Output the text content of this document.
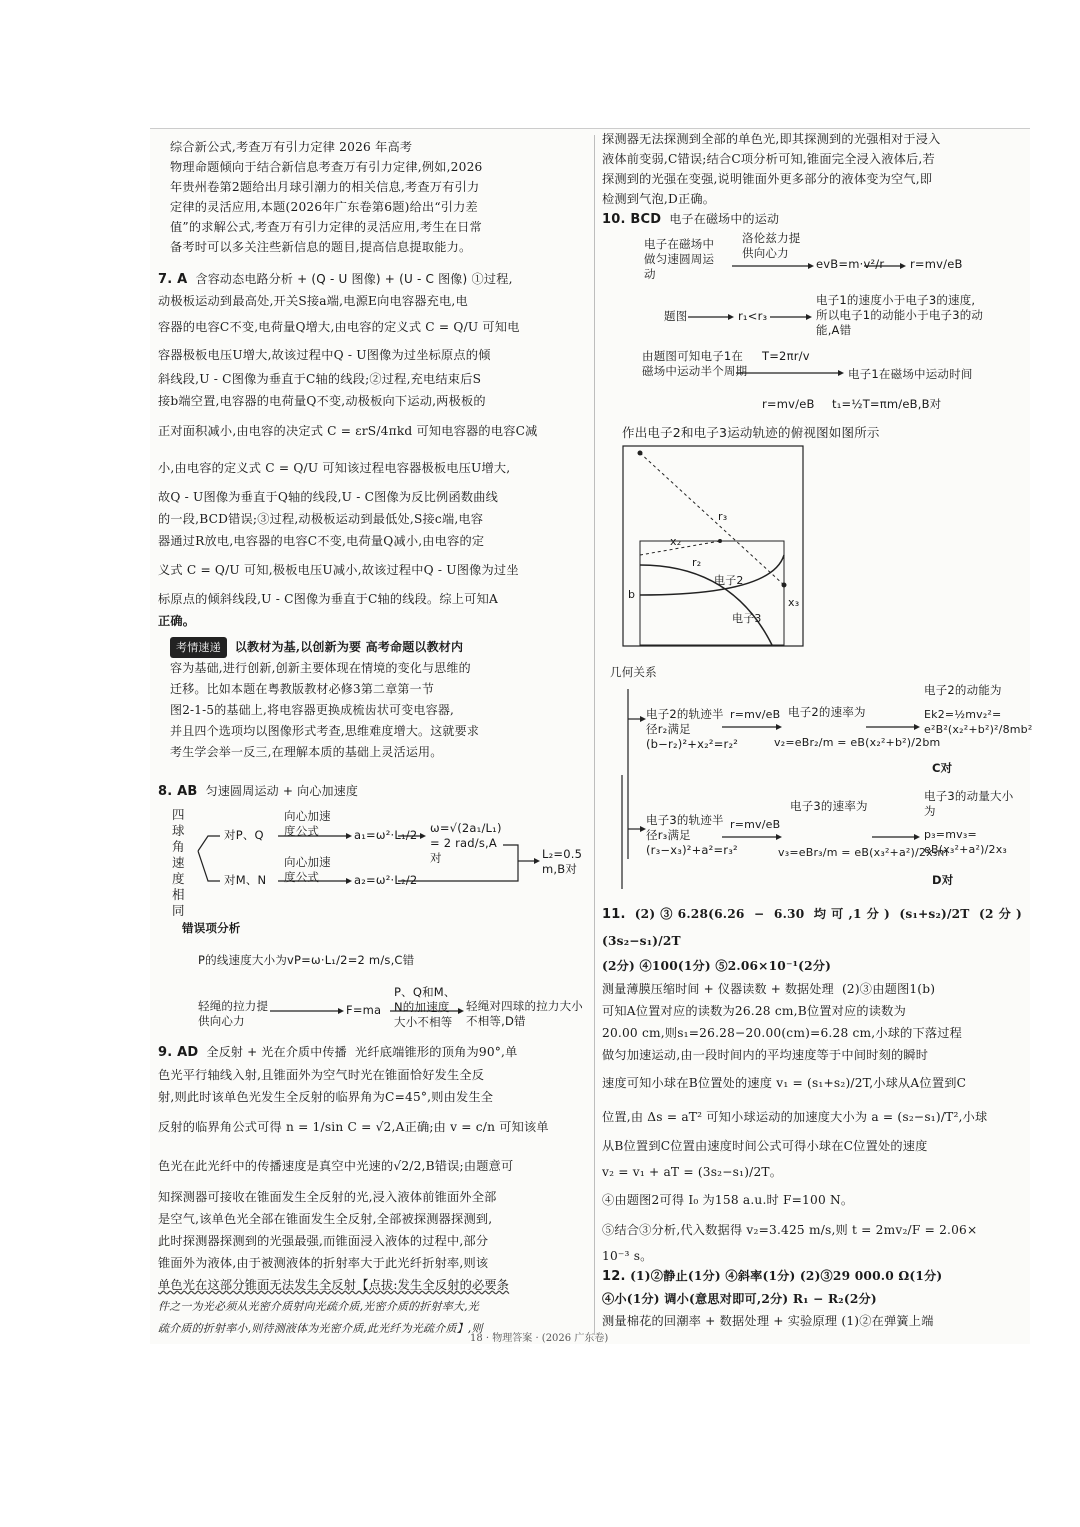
综合新公式,考查万有引力定律 2026 年高考

物理命题倾向于结合新信息考查万有引力定律,例如,2026

年贵州卷第2题给出月球引潮力的相关信息,考查万有引力

定律的灵活应用,本题(2026年广东卷第6题)给出“引力差

值”的求解公式,考查万有引力定律的灵活应用,考生在日常

备考时可以多关注些新信息的题目,提高信息提取能力。

7. A 含容动态电路分析 + (Q - U 图像) + (U - C 图像) ①过程,

动极板运动到最高处,开关S接a端,电源E向电容器充电,电

容器的电容C不变,电荷量Q增大,由电容的定义式 C = Q/U 可知电

容器极板电压U增大,故该过程中Q - U图像为过坐标原点的倾

斜线段,U - C图像为垂直于C轴的线段;②过程,充电结束后S

接b端空置,电容器的电荷量Q不变,动极板向下运动,两极板的

正对面积减小,由电容的决定式 C = εrS/4πkd 可知电容器的电容C减

小,由电容的定义式 C = Q/U 可知该过程电容器极板电压U增大,

故Q - U图像为垂直于Q轴的线段,U - C图像为反比例函数曲线

的一段,BCD错误;③过程,动极板运动到最低处,S接c端,电容

器通过R放电,电容器的电容C不变,电荷量Q减小,由电容的定

义式 C = Q/U 可知,极板电压U减小,故该过程中Q - U图像为过坐

标原点的倾斜线段,U - C图像为垂直于C轴的线段。综上可知A

正确。

考情速递 以教材为基,以创新为要 高考命题以教材内

容为基础,进行创新,创新主要体现在情境的变化与思维的

迁移。比如本题在粤教版教材必修3第二章第一节

图2-1-5的基础上,将电容器更换成梳齿状可变电容器,

并且四个选项均以图像形式考查,思维难度增大。这就要求

考生学会举一反三,在理解本质的基础上灵活运用。

8. AB 匀速圆周运动 + 向心加速度
四球角速度相同
对P、Q
向心加速度公式	a₁=ω²·L₁/2 ω=√(2a₁/L₁) = 2 rad/s,A对	L₂=0.5 m,B对
对M、N
向心加速度公式	a₂=ω²·L₂/2
错误项分析
P的线速度大小为vP=ω·L₁/2=2 m/s,C错
轻绳的拉力提供向心力
F=ma
P、Q和M、N的加速度大小不相等
轻绳对四球的拉力大小不相等,D错

9. AD 全反射 + 光在介质中传播 光纤底端锥形的顶角为90°,单

色光平行轴线入射,且锥面外为空气时光在锥面恰好发生全反

射,则此时该单色光发生全反射的临界角为C=45°,则由发生全

反射的临界角公式可得 n = 1/sin C = √2,A正确;由 v = c/n 可知该单

色光在此光纤中的传播速度是真空中光速的√2/2,B错误;由题意可

知探测器可接收在锥面发生全反射的光,浸入液体前锥面外全部

是空气,该单色光全部在锥面发生全反射,全部被探测器探测到,

此时探测器探测到的光强最强,而锥面浸入液体的过程中,部分

锥面外为液体,由于被测液体的折射率大于此光纤折射率,则该

单色光在这部分锥面无法发生全反射【点拔:发生全反射的必要条

件之一为光必须从光密介质射向光疏介质,光密介质的折射率大,光

疏介质的折射率小,则待测液体为光密介质,此光纤为光疏介质】,则

探测器无法探测到全部的单色光,即其探测到的光强相对于浸入

液体前变弱,C错误;结合C项分析可知,锥面完全浸入液体后,若

探测到的光强在变强,说明锥面外更多部分的液体变为空气,即

检测到气泡,D正确。

10. BCD 电子在磁场中的运动
电子在磁场中做匀速圆周运动
洛伦兹力提供向心力
evB=m·v²/r r=mv/eB
题图	r₁<r₃
电子1的速度小于电子3的速度,所以电子1的动能小于电子3的动能,A错
由题图可知电子1在磁场中运动半个周期
T=2πr/v
r=mv/eB
电子1在磁场中运动时间
t₁=½T=πm/eB,B对
作出电子2和电子3运动轨迹的俯视图如图所示
r₃
x₂
r₂
电子2
电子3
b
x₃
几何关系
电子2的轨迹半径r₂满足(b−r₂)²+x₂²=r₂²
r=mv/eB 电子2的速率为
v₂=eBr₂/m = eB(x₂²+b²)/2bm
电子2的动能为
Ek2=½mv₂²= e²B²(x₂²+b²)²/8mb²
C对
电子3的轨迹半径r₃满足(r₃−x₃)²+a²=r₃²
r=mv/eB
电子3的速率为
v₃=eBr₃/m = eB(x₃²+a²)/2x₃m
电子3的动量大小为
p₃=mv₃= eB(x₃²+a²)/2x₃
D对

11. (2)③6.28(6.26 − 6.30 均可,1分) (s₁+s₂)/2T (2分) (3s₂−s₁)/2T

(2分) ④100(1分) ⑤2.06×10⁻¹(2分)

测量薄膜压缩时间 + 仪器读数 + 数据处理 (2)③由题图1(b)

可知A位置对应的读数为26.28 cm,B位置对应的读数为

20.00 cm,则s₁=26.28−20.00(cm)=6.28 cm,小球的下落过程

做匀加速运动,由一段时间内的平均速度等于中间时刻的瞬时

速度可知小球在B位置处的速度 v₁ = (s₁+s₂)/2T,小球从A位置到C

位置,由 Δs = aT² 可知小球运动的加速度大小为 a = (s₂−s₁)/T²,小球

从B位置到C位置由速度时间公式可得小球在C位置处的速度

v₂ = v₁ + aT = (3s₂−s₁)/2T。

④由题图2可得 I₀ 为158 a.u.时 F=100 N。

⑤结合③分析,代入数据得 v₂=3.425 m/s,则 t = 2mv₂/F = 2.06×

10⁻³ s。

12. (1)②静止(1分) ④斜率(1分) (2)③29 000.0 Ω(1分)

④小(1分) 调小(意思对即可,2分) R₁ − R₂(2分)

测量棉花的回潮率 + 数据处理 + 实验原理 (1)②在弹簧上端

18 · 物理答案 · (2026 广东卷)
